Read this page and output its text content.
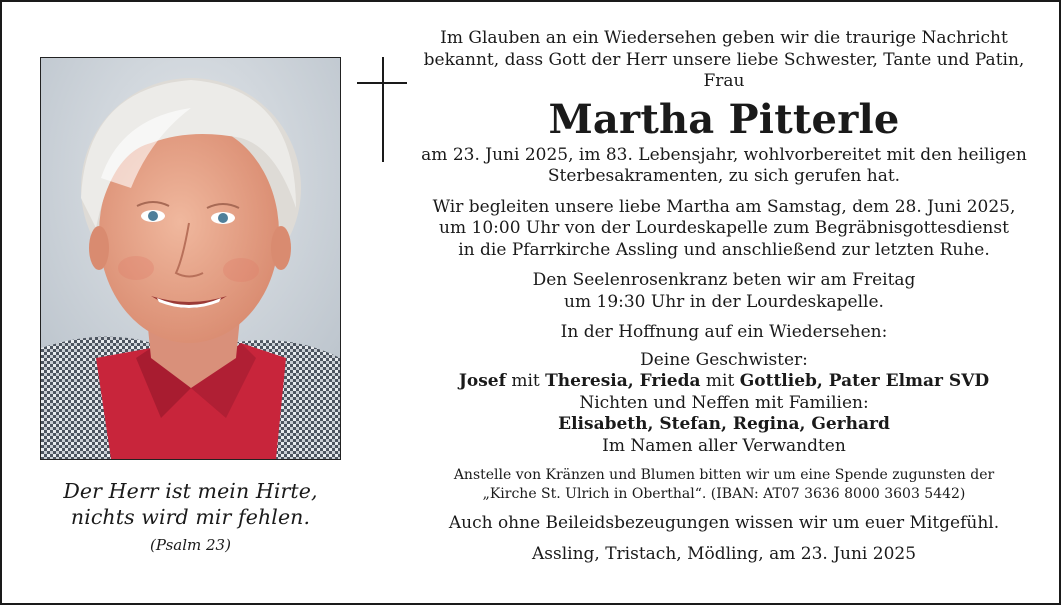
Der Herr ist mein Hirte,
nichts wird mir fehlen.
(Psalm 23)

Im Glauben an ein Wiedersehen geben wir die traurige Nachricht

bekannt, dass Gott der Herr unsere liebe Schwester, Tante und Patin,

Frau

Martha Pitterle

am 23. Juni 2025, im 83. Lebensjahr, wohlvorbereitet mit den heiligen

Sterbesakramenten, zu sich gerufen hat.

Wir begleiten unsere liebe Martha am Samstag, dem 28. Juni 2025,

um 10:00 Uhr von der Lourdeskapelle zum Begräbnisgottesdienst

in die Pfarrkirche Assling und anschließend zur letzten Ruhe.

Den Seelenrosenkranz beten wir am Freitag

um 19:30 Uhr in der Lourdeskapelle.

In der Hoffnung auf ein Wiedersehen:

Deine Geschwister:

Josef mit Theresia, Frieda mit Gottlieb, Pater Elmar SVD

Nichten und Neffen mit Familien:

Elisabeth, Stefan, Regina, Gerhard

Im Namen aller Verwandten

Anstelle von Kränzen und Blumen bitten wir um eine Spende zugunsten der

„Kirche St. Ulrich in Oberthal“. (IBAN: AT07 3636 8000 3603 5442)

Auch ohne Beileidsbezeugungen wissen wir um euer Mitgefühl.

Assling, Tristach, Mödling, am 23. Juni 2025
